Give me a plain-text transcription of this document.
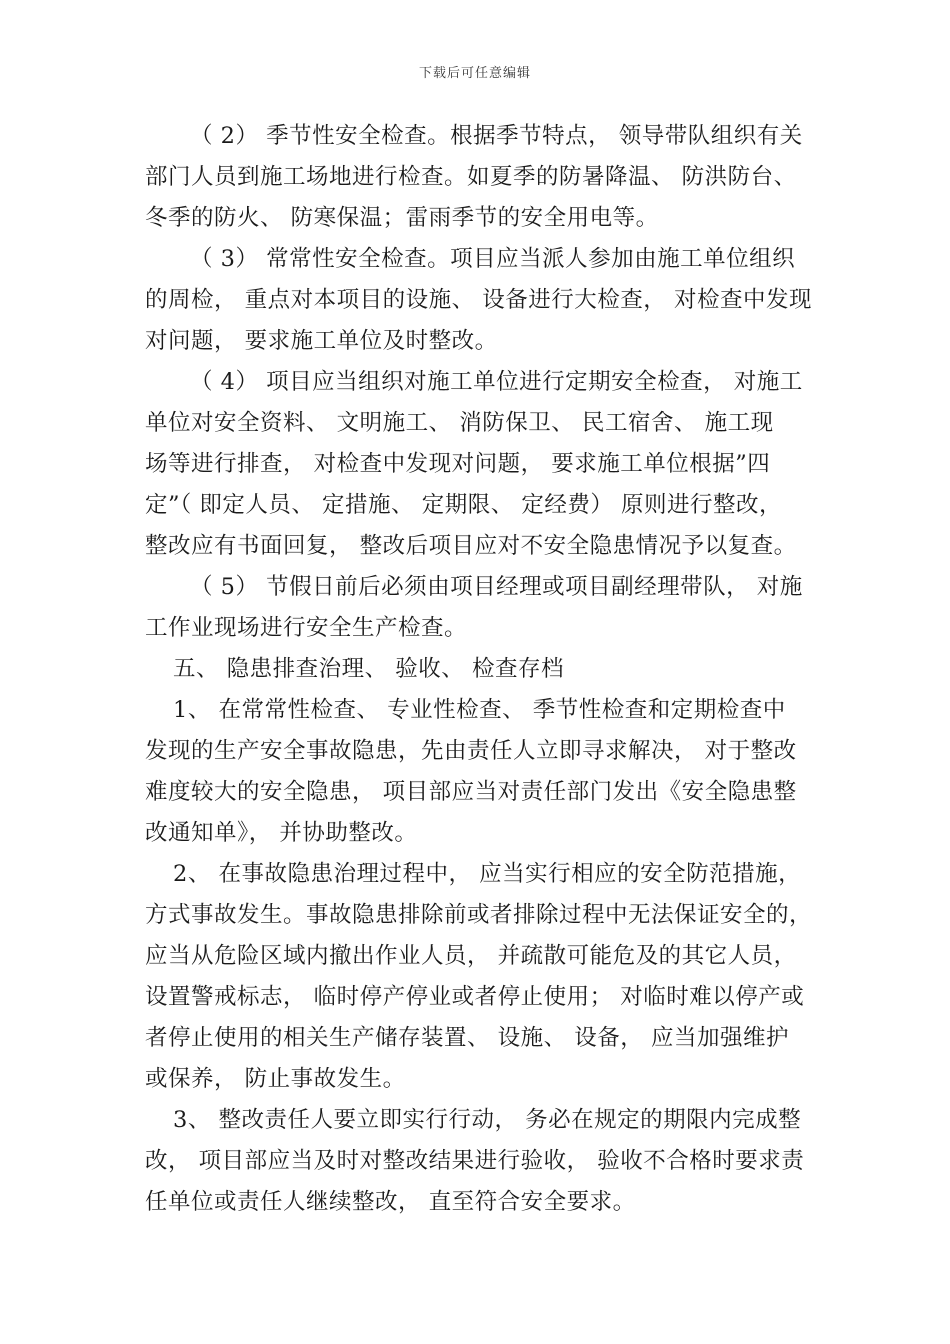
下载后可任意编辑
（ 2） 季节性安全检查。根据季节特点， 领导带队组织有关
部门人员到施工场地进行检查。如夏季的防暑降温、 防洪防台、
冬季的防火、 防寒保温；雷雨季节的安全用电等。
（ 3） 常常性安全检查。项目应当派人参加由施工单位组织
的周检， 重点对本项目的设施、 设备进行大检查， 对检查中发现
对问题， 要求施工单位及时整改。
（ 4） 项目应当组织对施工单位进行定期安全检查， 对施工
单位对安全资料、 文明施工、 消防保卫、 民工宿舍、 施工现
场等进行排查， 对检查中发现对问题， 要求施工单位根据”四
定”（ 即定人员、 定措施、 定期限、 定经费） 原则进行整改，
整改应有书面回复， 整改后项目应对不安全隐患情况予以复查。
（ 5） 节假日前后必须由项目经理或项目副经理带队， 对施
工作业现场进行安全生产检查。
五、 隐患排查治理、 验收、 检查存档
1、 在常常性检查、 专业性检查、 季节性检查和定期检查中
发现的生产安全事故隐患，先由责任人立即寻求解决， 对于整改
难度较大的安全隐患， 项目部应当对责任部门发出《安全隐患整
改通知单》， 并协助整改。
2、 在事故隐患治理过程中， 应当实行相应的安全防范措施，
方式事故发生。事故隐患排除前或者排除过程中无法保证安全的，
应当从危险区域内撤出作业人员， 并疏散可能危及的其它人员，
设置警戒标志， 临时停产停业或者停止使用； 对临时难以停产或
者停止使用的相关生产储存装置、 设施、 设备， 应当加强维护
或保养， 防止事故发生。
3、 整改责任人要立即实行行动， 务必在规定的期限内完成整
改， 项目部应当及时对整改结果进行验收， 验收不合格时要求责
任单位或责任人继续整改， 直至符合安全要求。
